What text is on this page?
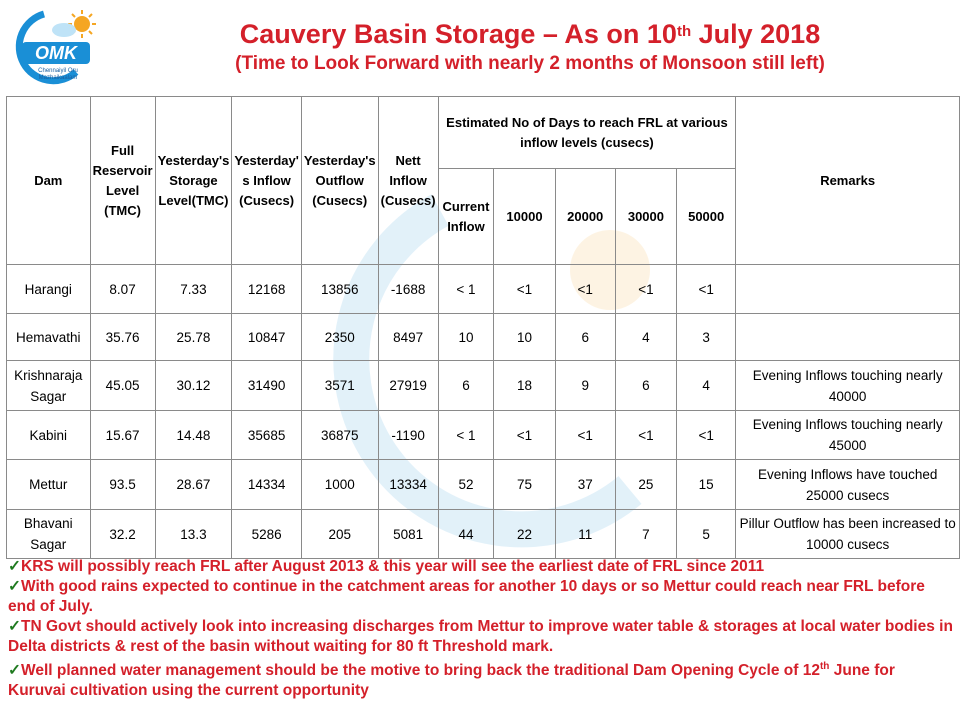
OMK
Chennaiyil Oru
Mazhaikaalam
Cauvery Basin Storage – As on 10th July 2018
(Time to Look Forward with nearly 2 months of Monsoon still left)
Dam	Full Reservoir Level (TMC)	Yesterday's Storage Level(TMC)	Yesterday' s Inflow (Cusecs)	Yesterday's Outflow (Cusecs)	Nett Inflow (Cusecs)	Estimated No of Days to reach FRL at various inflow levels (cusecs)					Remarks
						Current Inflow	10000	20000	30000	50000	
Harangi	8.07	7.33	12168	13856	-1688	< 1	<1	<1	<1	<1	
Hemavathi	35.76	25.78	10847	2350	8497	10	10	6	4	3	
Krishnaraja Sagar	45.05	30.12	31490	3571	27919	6	18	9	6	4	Evening Inflows touching nearly 40000
Kabini	15.67	14.48	35685	36875	-1190	< 1	<1	<1	<1	<1	Evening Inflows touching nearly 45000
Mettur	93.5	28.67	14334	1000	13334	52	75	37	25	15	Evening Inflows have touched 25000 cusecs
Bhavani Sagar	32.2	13.3	5286	205	5081	44	22	11	7	5	Pillur Outflow has been increased to 10000 cusecs

✓KRS will possibly reach FRL after August 2013 & this year will see the earliest date of FRL since 2011

✓With good rains expected to continue in the catchment areas for another 10 days or so Mettur could reach near FRL before end of July.

✓TN Govt should actively look into increasing discharges from Mettur to improve water table & storages at local water bodies in Delta districts & rest of the basin without waiting for 80 ft Threshold mark.

✓Well planned water management should be the motive to bring back the traditional Dam Opening Cycle of 12th June for Kuruvai cultivation using the current opportunity
